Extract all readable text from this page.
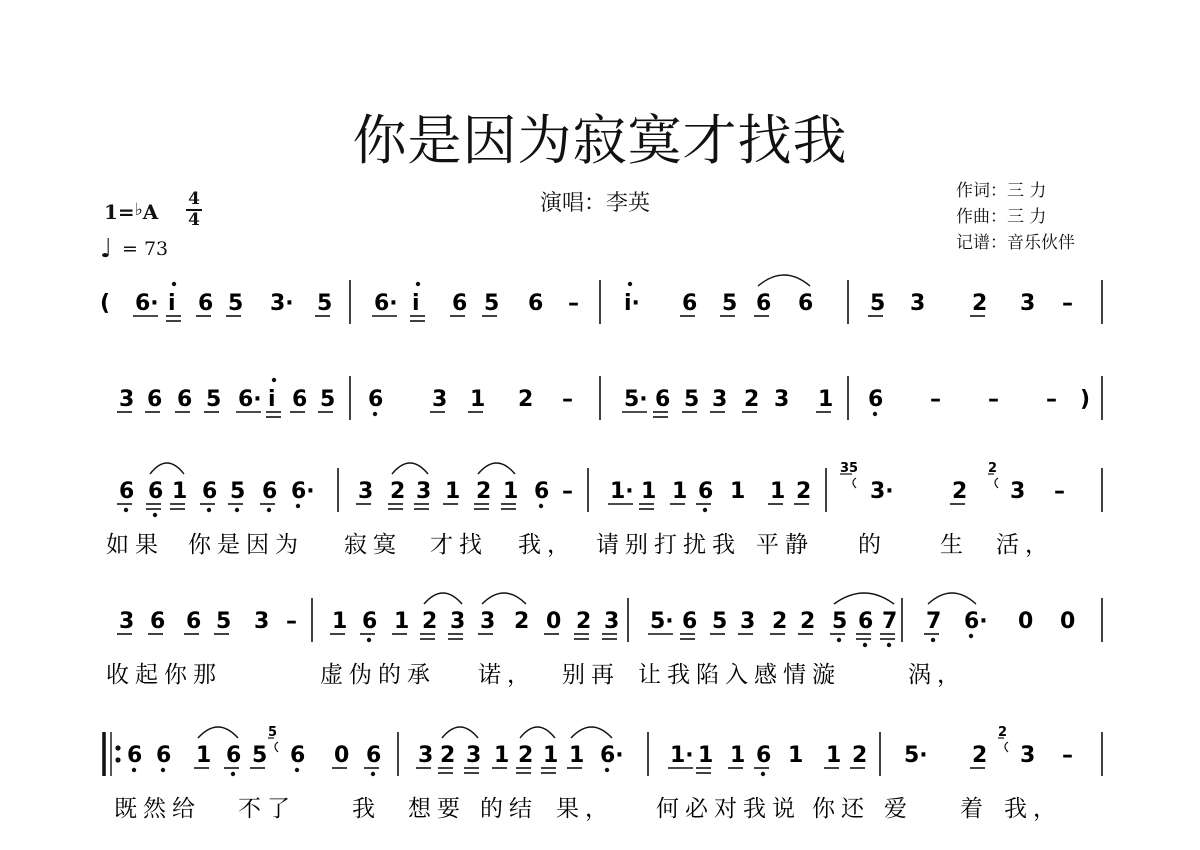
你是因为寂寞才找我
演唱：李英	作词：三 力
作曲：三 力
记谱：音乐伙伴
1=♭A
4
4
♩ = 73
( 6· i 6 5 3· 5 6· i 6 5 6 – i· 6 5 6 6	5 3 2 3 –
3 6 6 5 6· i 6 5 6 3 1 2 – 5· 6 5 3 2 3 1 6 – – – )
6 6 1 6 5 6 6· 3 2 3 1 2 1 6 – 1· 1 1 6 1 1 2	3·	2 3 –
35	2
如果 你是因为 寂寞 才找 我， 请别打扰我 平静 的 生 活，
3 6 6 5 3 – 1 6 1 2 3 3 2 0 2 3 5· 6 5 3 2 2 5 6 7 7 6· 0 0
收起你那	虚伪的承 诺， 别再 让我陷入感情漩	涡，
6 6 1 6 5 6 0 6 3 2 3 1 2 1 1 6· 1· 1 1 6 1 1 2 5· 2 3 –
5	2
既然给 不了 我 想要 的结 果， 何必对我说 你还 爱 着 我，
